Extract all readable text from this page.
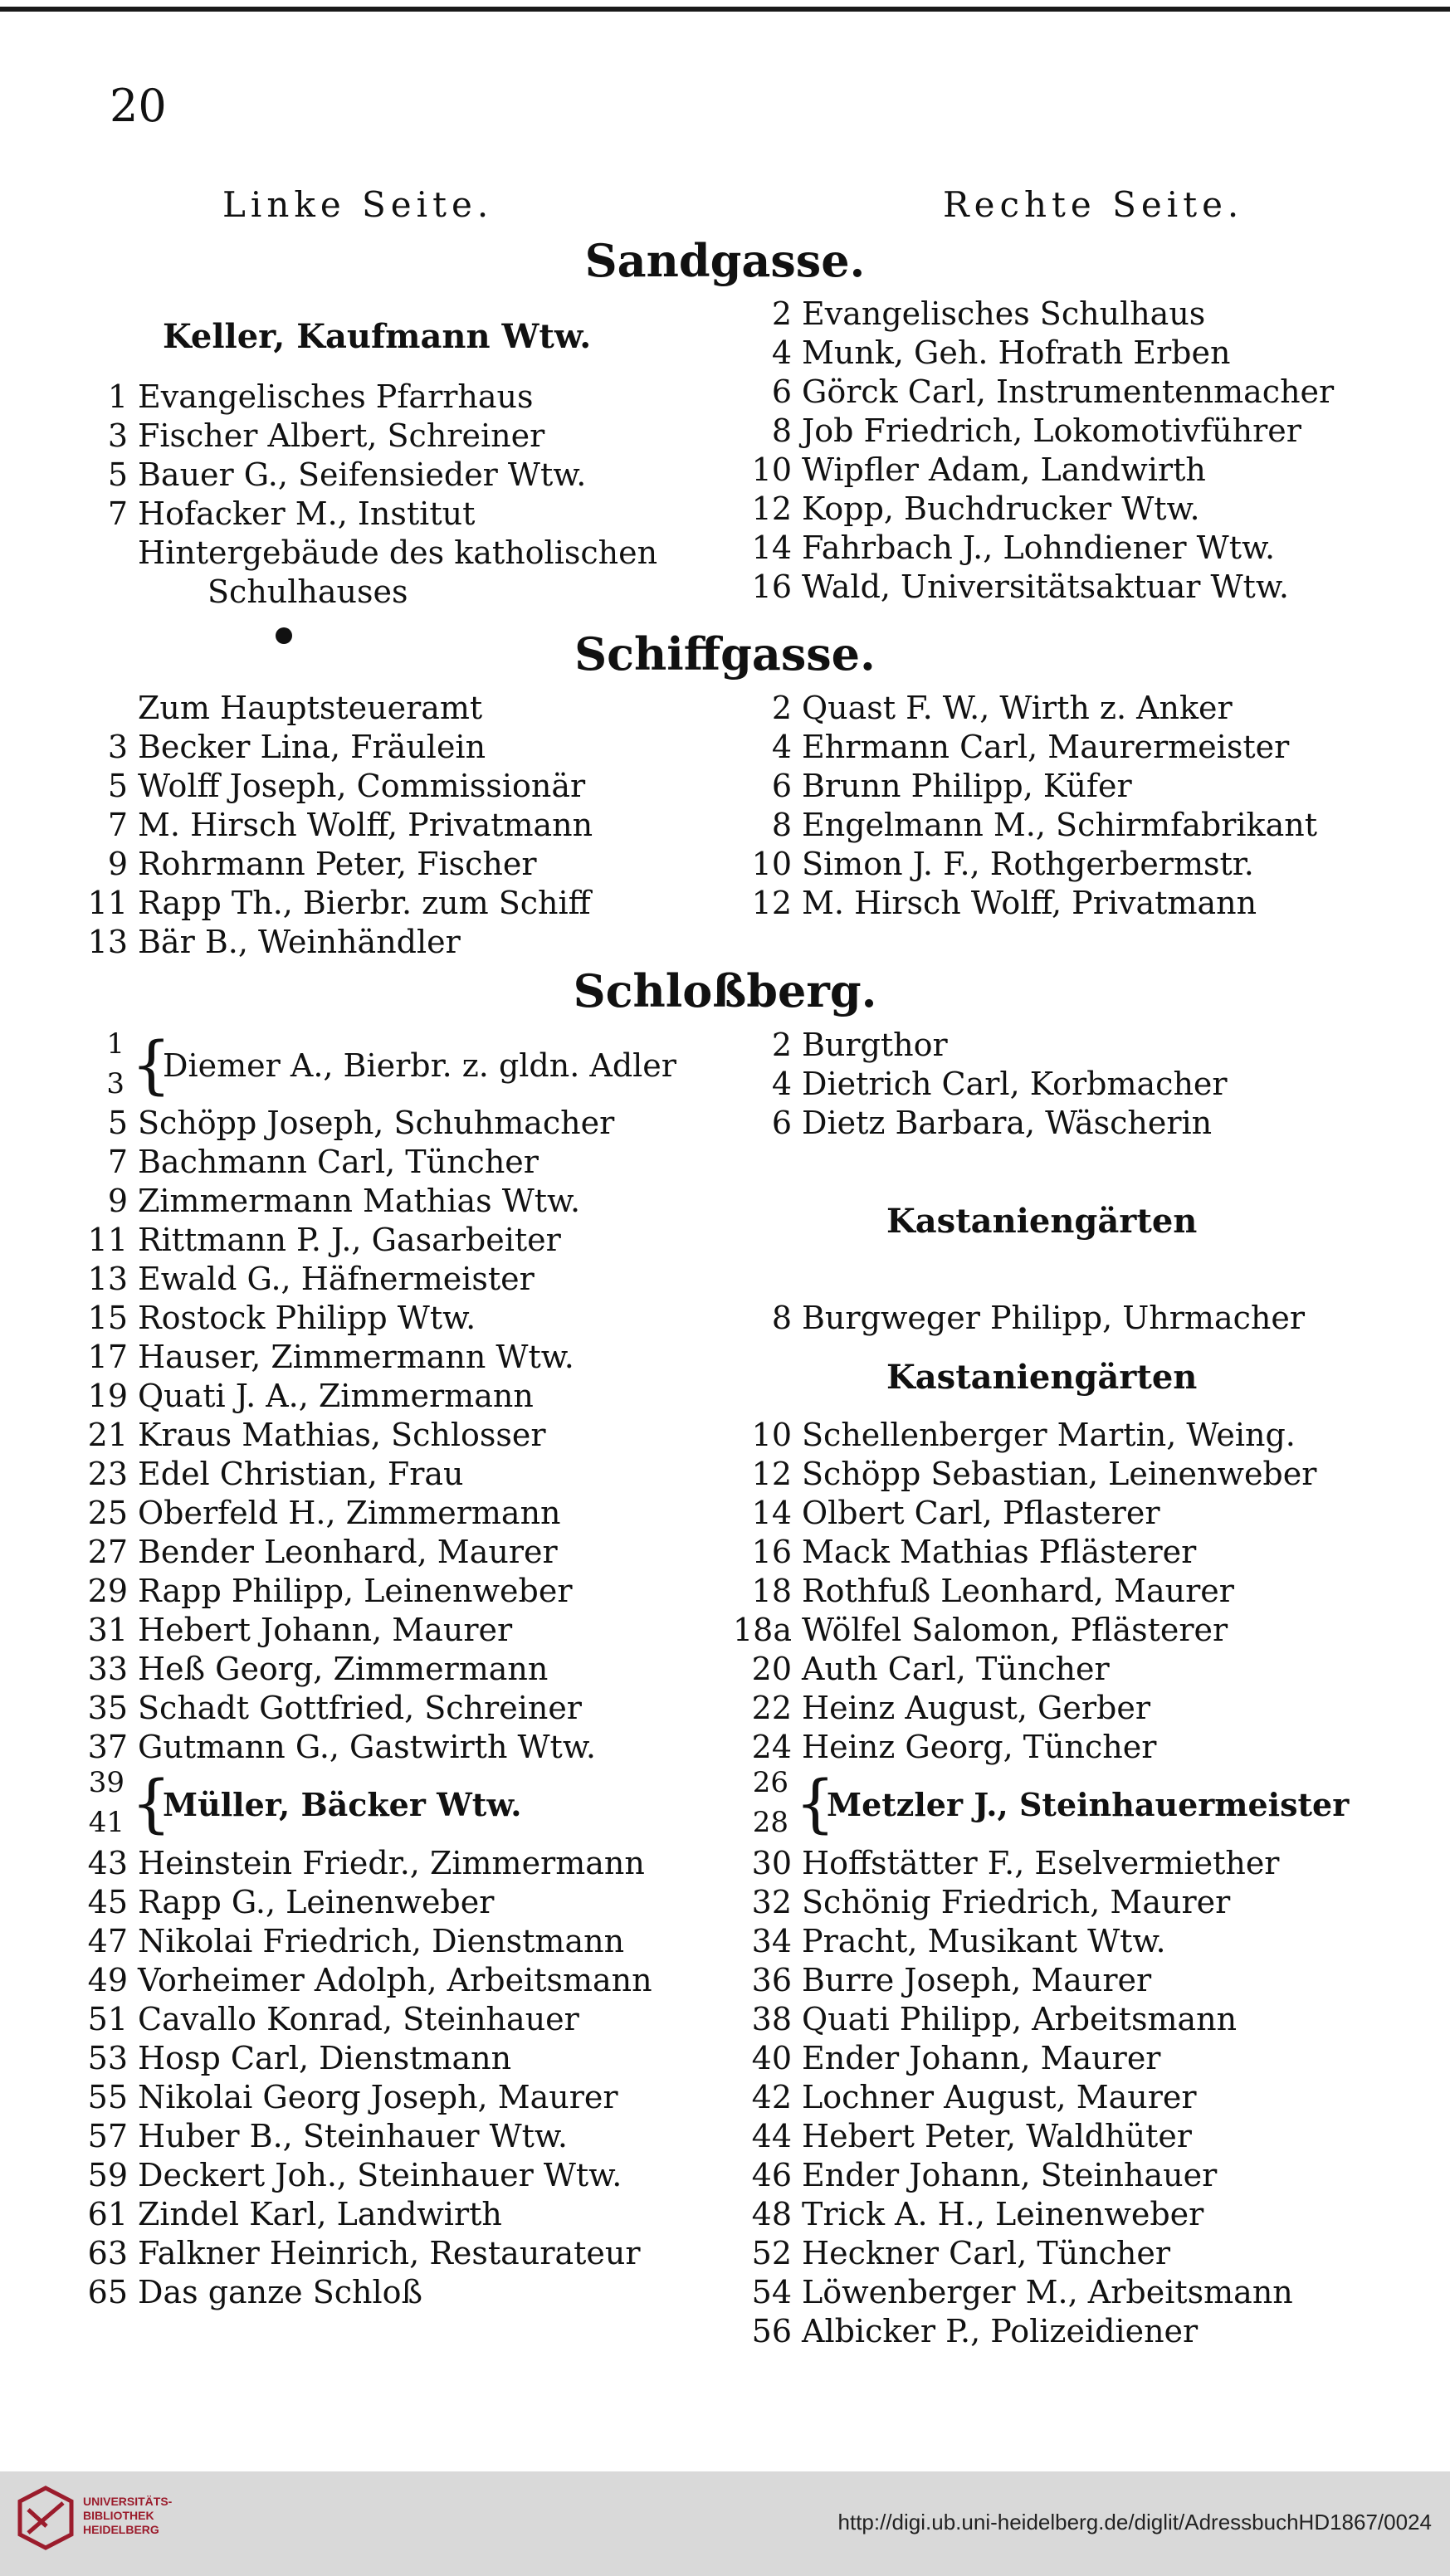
20
Linke Seite.	Rechte Seite.
Sandgasse.
Keller, Kaufmann Wtw.
1 Evangelisches Pfarrhaus
3 Fischer Albert, Schreiner
5 Bauer G., Seifensieder Wtw.
7 Hofacker M., Institut
Hintergebäude des katholischen
Schulhauses
2 Evangelisches Schulhaus
4 Munk, Geh. Hofrath Erben
6 Görck Carl, Instrumentenmacher
8 Job Friedrich, Lokomotivführer
10 Wipfler Adam, Landwirth
12 Kopp, Buchdrucker Wtw.
14 Fahrbach J., Lohndiener Wtw.
16 Wald, Universitätsaktuar Wtw.
Schiffgasse.
Zum Hauptsteueramt
3 Becker Lina, Fräulein
5 Wolff Joseph, Commissionär
7 M. Hirsch Wolff, Privatmann
9 Rohrmann Peter, Fischer
11 Rapp Th., Bierbr. zum Schiff
13 Bär B., Weinhändler
2 Quast F. W., Wirth z. Anker
4 Ehrmann Carl, Maurermeister
6 Brunn Philipp, Küfer
8 Engelmann M., Schirmfabrikant
10 Simon J. F., Rothgerbermstr.
12 M. Hirsch Wolff, Privatmann
Schloßberg.
1
3 {
Diemer A., Bierbr. z. gldn. Adler
5 Schöpp Joseph, Schuhmacher
7 Bachmann Carl, Tüncher
9 Zimmermann Mathias Wtw.
11 Rittmann P. J., Gasarbeiter
13 Ewald G., Häfnermeister
15 Rostock Philipp Wtw.
17 Hauser, Zimmermann Wtw.
19 Quati J. A., Zimmermann
21 Kraus Mathias, Schlosser
23 Edel Christian, Frau
25 Oberfeld H., Zimmermann
27 Bender Leonhard, Maurer
29 Rapp Philipp, Leinenweber
31 Hebert Johann, Maurer
33 Heß Georg, Zimmermann
35 Schadt Gottfried, Schreiner
37 Gutmann G., Gastwirth Wtw.
39
41 {
Müller, Bäcker Wtw.
43 Heinstein Friedr., Zimmermann
45 Rapp G., Leinenweber
47 Nikolai Friedrich, Dienstmann
49 Vorheimer Adolph, Arbeitsmann
51 Cavallo Konrad, Steinhauer
53 Hosp Carl, Dienstmann
55 Nikolai Georg Joseph, Maurer
57 Huber B., Steinhauer Wtw.
59 Deckert Joh., Steinhauer Wtw.
61 Zindel Karl, Landwirth
63 Falkner Heinrich, Restaurateur
65 Das ganze Schloß
2 Burgthor
4 Dietrich Carl, Korbmacher
6 Dietz Barbara, Wäscherin
Kastaniengärten
8 Burgweger Philipp, Uhrmacher
Kastaniengärten
10 Schellenberger Martin, Weing.
12 Schöpp Sebastian, Leinenweber
14 Olbert Carl, Pflasterer
16 Mack Mathias Pflästerer
18 Rothfuß Leonhard, Maurer
18a Wölfel Salomon, Pflästerer
20 Auth Carl, Tüncher
22 Heinz August, Gerber
24 Heinz Georg, Tüncher
26
28 {
Metzler J., Steinhauermeister
30 Hoffstätter F., Eselvermiether
32 Schönig Friedrich, Maurer
34 Pracht, Musikant Wtw.
36 Burre Joseph, Maurer
38 Quati Philipp, Arbeitsmann
40 Ender Johann, Maurer
42 Lochner August, Maurer
44 Hebert Peter, Waldhüter
46 Ender Johann, Steinhauer
48 Trick A. H., Leinenweber
52 Heckner Carl, Tüncher
54 Löwenberger M., Arbeitsmann
56 Albicker P., Polizeidiener
UNIVERSITÄTS-
BIBLIOTHEK
HEIDELBERG	http://digi.ub.uni-heidelberg.de/diglit/AdressbuchHD1867/0024
